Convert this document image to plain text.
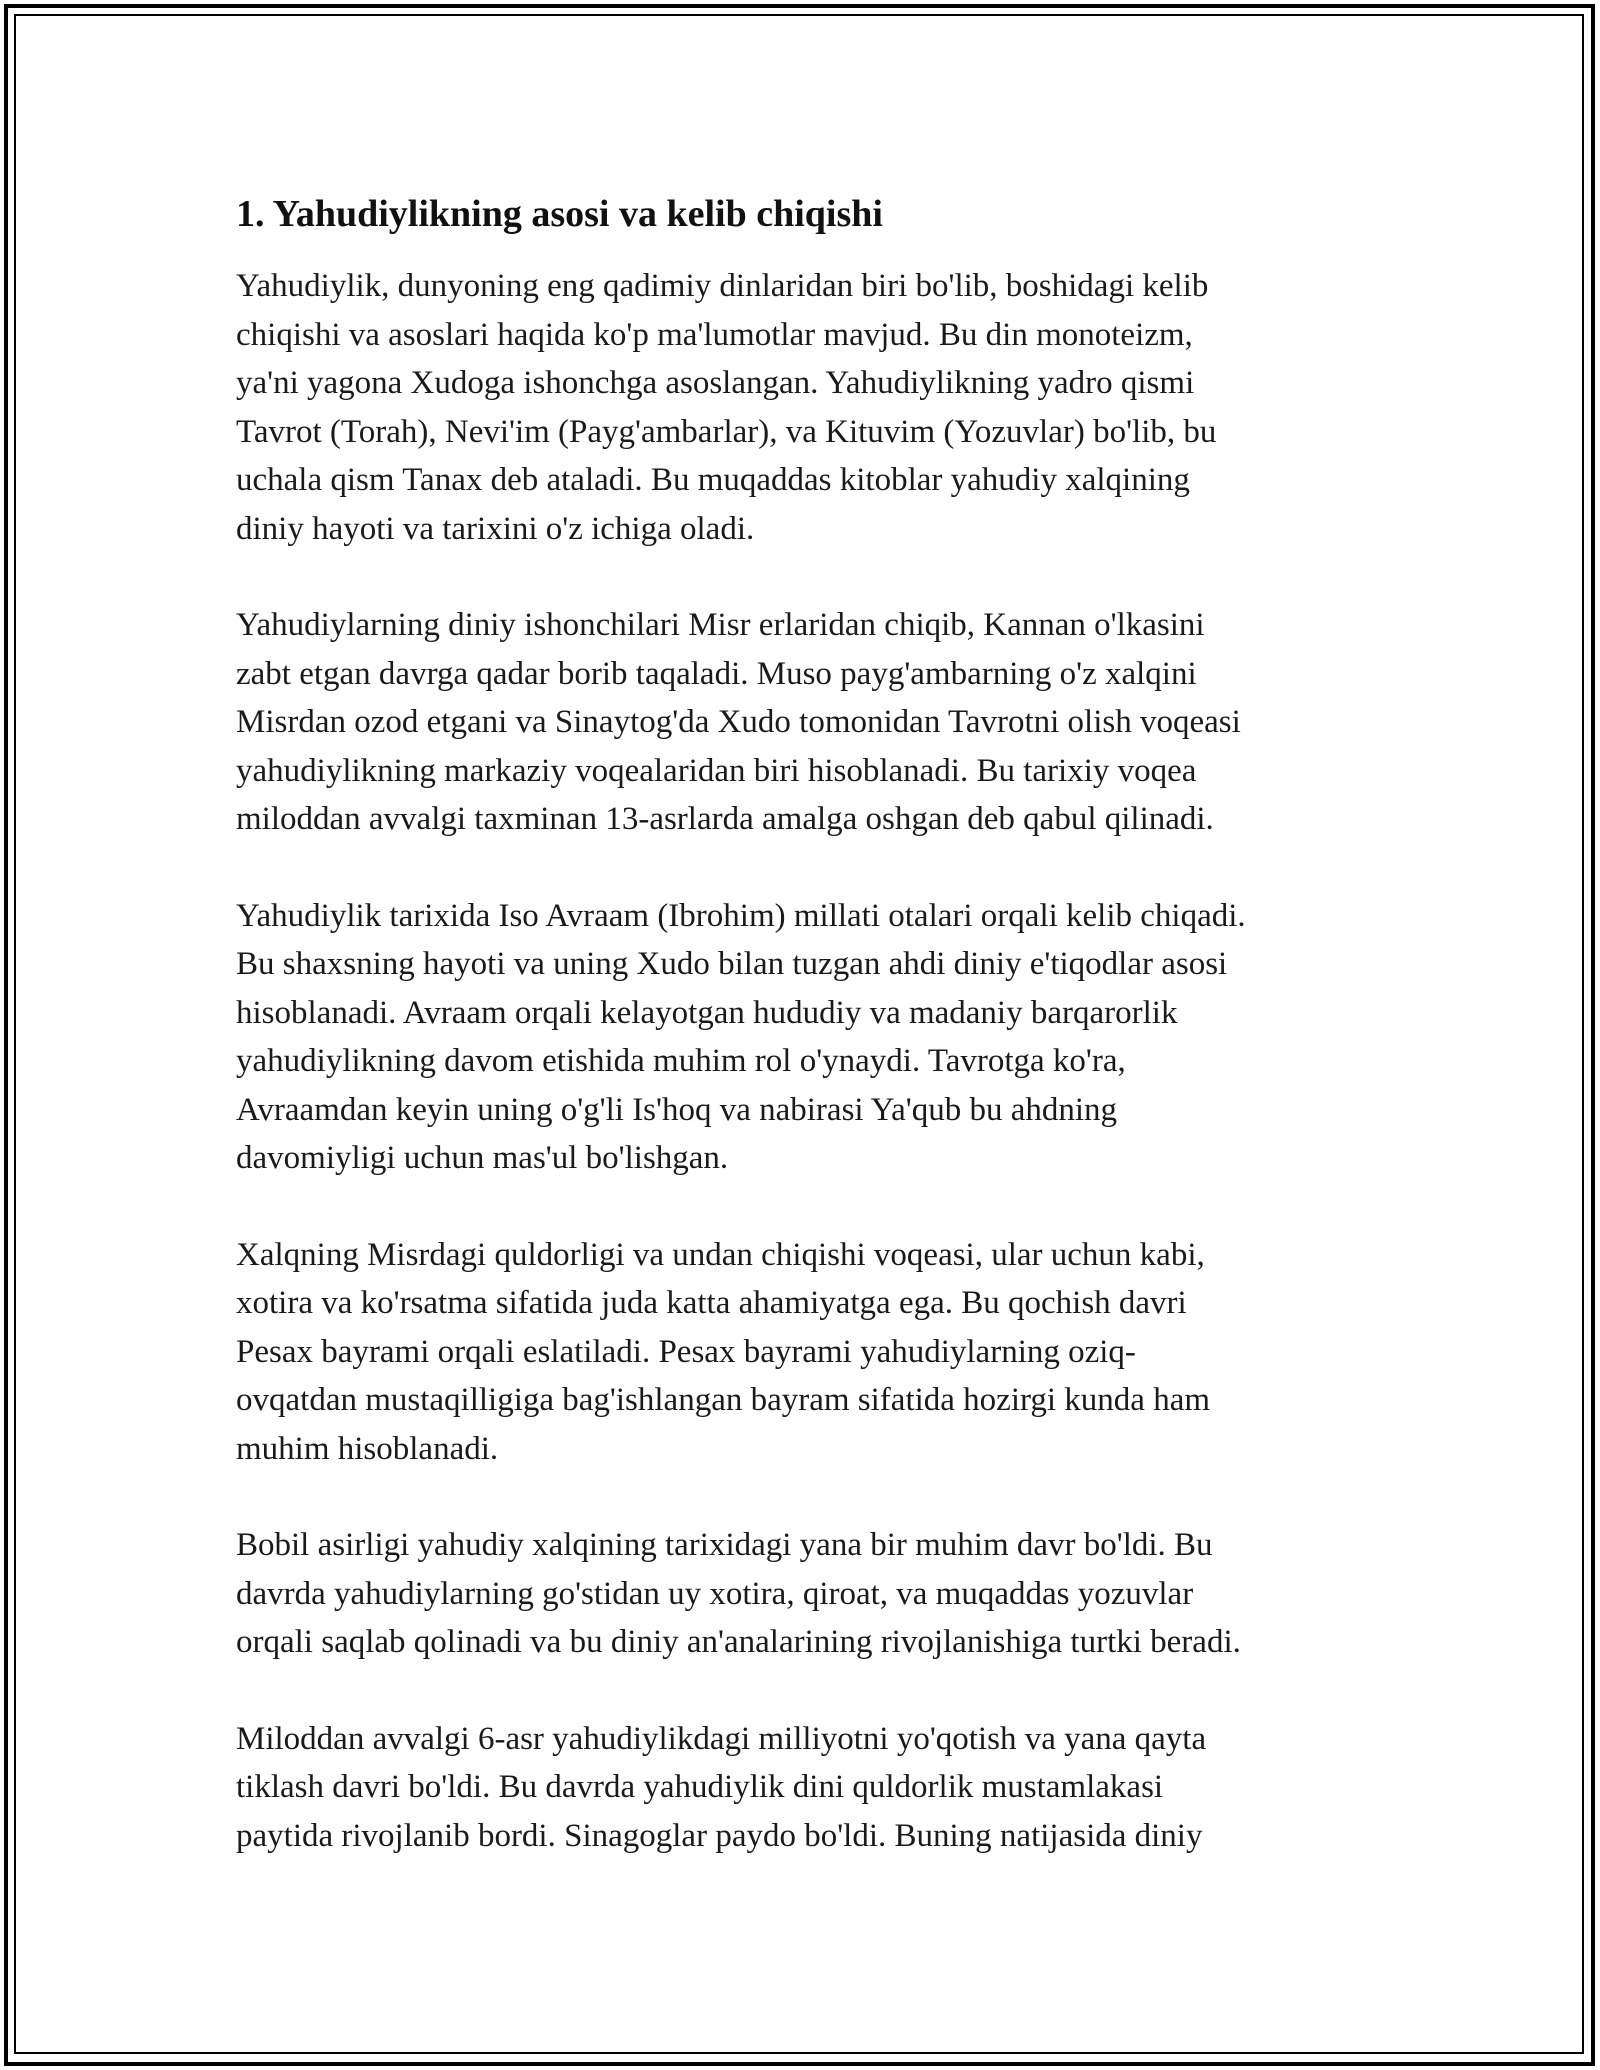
1. Yahudiylikning asosi va kelib chiqishi
Yahudiylik, dunyoning eng qadimiy dinlaridan biri bo'lib, boshidagi kelib
chiqishi va asoslari haqida ko'p ma'lumotlar mavjud. Bu din monoteizm,
ya'ni yagona Xudoga ishonchga asoslangan. Yahudiylikning yadro qismi
Tavrot (Torah), Nevi'im (Payg'ambarlar), va Kituvim (Yozuvlar) bo'lib, bu
uchala qism Tanax deb ataladi. Bu muqaddas kitoblar yahudiy xalqining
diniy hayoti va tarixini o'z ichiga oladi.
Yahudiylarning diniy ishonchilari Misr erlaridan chiqib, Kannan o'lkasini
zabt etgan davrga qadar borib taqaladi. Muso payg'ambarning o'z xalqini
Misrdan ozod etgani va Sinaytog'da Xudo tomonidan Tavrotni olish voqeasi
yahudiylikning markaziy voqealaridan biri hisoblanadi. Bu tarixiy voqea
miloddan avvalgi taxminan 13-asrlarda amalga oshgan deb qabul qilinadi.
Yahudiylik tarixida Iso Avraam (Ibrohim) millati otalari orqali kelib chiqadi.
Bu shaxsning hayoti va uning Xudo bilan tuzgan ahdi diniy e'tiqodlar asosi
hisoblanadi. Avraam orqali kelayotgan hududiy va madaniy barqarorlik
yahudiylikning davom etishida muhim rol o'ynaydi. Tavrotga ko'ra,
Avraamdan keyin uning o'g'li Is'hoq va nabirasi Ya'qub bu ahdning
davomiyligi uchun mas'ul bo'lishgan.
Xalqning Misrdagi quldorligi va undan chiqishi voqeasi, ular uchun kabi,
xotira va ko'rsatma sifatida juda katta ahamiyatga ega. Bu qochish davri
Pesax bayrami orqali eslatiladi. Pesax bayrami yahudiylarning oziq-
ovqatdan mustaqilligiga bag'ishlangan bayram sifatida hozirgi kunda ham
muhim hisoblanadi.
Bobil asirligi yahudiy xalqining tarixidagi yana bir muhim davr bo'ldi. Bu
davrda yahudiylarning go'stidan uy xotira, qiroat, va muqaddas yozuvlar
orqali saqlab qolinadi va bu diniy an'analarining rivojlanishiga turtki beradi.
Miloddan avvalgi 6-asr yahudiylikdagi milliyotni yo'qotish va yana qayta
tiklash davri bo'ldi. Bu davrda yahudiylik dini quldorlik mustamlakasi
paytida rivojlanib bordi. Sinagoglar paydo bo'ldi. Buning natijasida diniy
